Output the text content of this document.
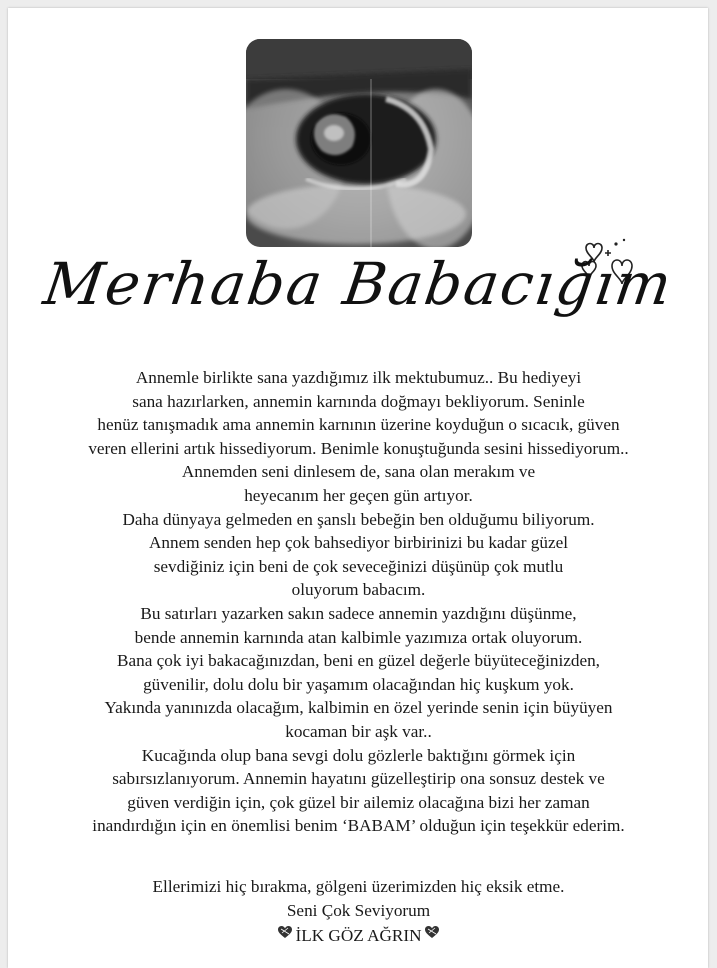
Merhaba Babacığım
Annemle birlikte sana yazdığımız ilk mektubumuz.. Bu hediyeyi
sana hazırlarken, annemin karnında doğmayı bekliyorum. Seninle
henüz tanışmadık ama annemin karnının üzerine koyduğun o sıcacık, güven
veren ellerini artık hissediyorum. Benimle konuştuğunda sesini hissediyorum..
Annemden seni dinlesem de, sana olan merakım ve
heyecanım her geçen gün artıyor.
Daha dünyaya gelmeden en şanslı bebeğin ben olduğumu biliyorum.
Annem senden hep çok bahsediyor birbirinizi bu kadar güzel
sevdiğiniz için beni de çok seveceğinizi düşünüp çok mutlu
oluyorum babacım.
Bu satırları yazarken sakın sadece annemin yazdığını düşünme,
bende annemin karnında atan kalbimle yazımıza ortak oluyorum.
Bana çok iyi bakacağınızdan, beni en güzel değerle büyüteceğinizden,
güvenilir, dolu dolu bir yaşamım olacağından hiç kuşkum yok.
Yakında yanınızda olacağım, kalbimin en özel yerinde senin için büyüyen
kocaman bir aşk var..
Kucağında olup bana sevgi dolu gözlerle baktığını görmek için
sabırsızlanıyorum. Annemin hayatını güzelleştirip ona sonsuz destek ve
güven verdiğin için, çok güzel bir ailemiz olacağına bizi her zaman
inandırdığın için en önemlisi benim ‘BABAM’ olduğun için teşekkür ederim.
Ellerimizi hiç bırakma, gölgeni üzerimizden hiç eksik etme.
Seni Çok Seviyorum
İLK GÖZ AĞRIN
